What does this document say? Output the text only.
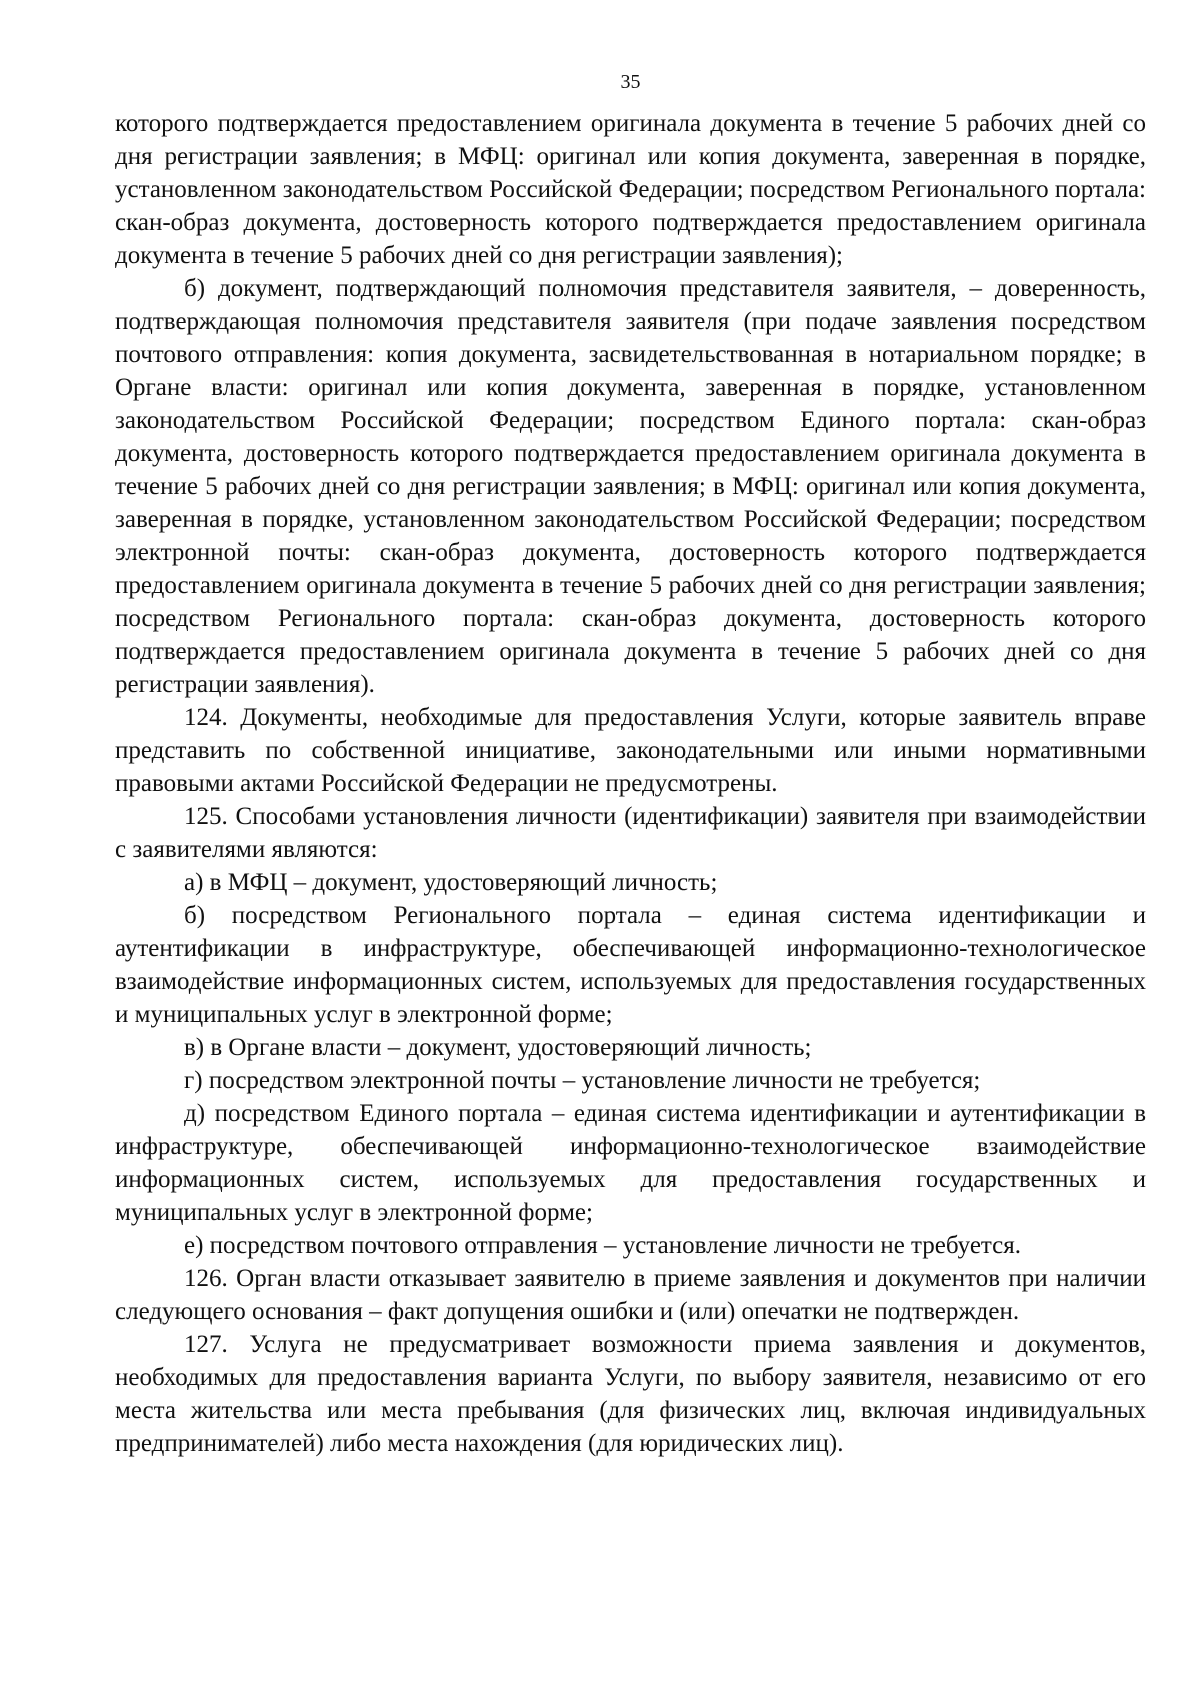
35

которого подтверждается предоставлением оригинала документа в течение 5 рабочих дней со дня регистрации заявления; в МФЦ: оригинал или копия документа, заверенная в порядке, установленном законодательством Российской Федерации; посредством Регионального портала: скан-образ документа, достоверность которого подтверждается предоставлением оригинала документа в течение 5 рабочих дней со дня регистрации заявления);

б) документ, подтверждающий полномочия представителя заявителя, – доверенность, подтверждающая полномочия представителя заявителя (при подаче заявления посредством почтового отправления: копия документа, засвидетельствованная в нотариальном порядке; в Органе власти: оригинал или копия документа, заверенная в порядке, установленном законодательством Российской Федерации; посредством Единого портала: скан-образ документа, достоверность которого подтверждается предоставлением оригинала документа в течение 5 рабочих дней со дня регистрации заявления; в МФЦ: оригинал или копия документа, заверенная в порядке, установленном законодательством Российской Федерации; посредством электронной почты: скан-образ документа, достоверность которого подтверждается предоставлением оригинала документа в течение 5 рабочих дней со дня регистрации заявления; посредством Регионального портала: скан-образ документа, достоверность которого подтверждается предоставлением оригинала документа в течение 5 рабочих дней со дня регистрации заявления).

124. Документы, необходимые для предоставления Услуги, которые заявитель вправе представить по собственной инициативе, законодательными или иными нормативными правовыми актами Российской Федерации не предусмотрены.

125. Способами установления личности (идентификации) заявителя при взаимодействии с заявителями являются:

а) в МФЦ – документ, удостоверяющий личность;

б) посредством Регионального портала – единая система идентификации и аутентификации в инфраструктуре, обеспечивающей информационно-технологическое взаимодействие информационных систем, используемых для предоставления государственных и муниципальных услуг в электронной форме;

в) в Органе власти – документ, удостоверяющий личность;

г) посредством электронной почты – установление личности не требуется;

д) посредством Единого портала – единая система идентификации и аутентификации в инфраструктуре, обеспечивающей информационно-технологическое взаимодействие информационных систем, используемых для предоставления государственных и муниципальных услуг в электронной форме;

е) посредством почтового отправления – установление личности не требуется.

126. Орган власти отказывает заявителю в приеме заявления и документов при наличии следующего основания – факт допущения ошибки и (или) опечатки не подтвержден.

127. Услуга не предусматривает возможности приема заявления и документов, необходимых для предоставления варианта Услуги, по выбору заявителя, независимо от его места жительства или места пребывания (для физических лиц, включая индивидуальных предпринимателей) либо места нахождения (для юридических лиц).
